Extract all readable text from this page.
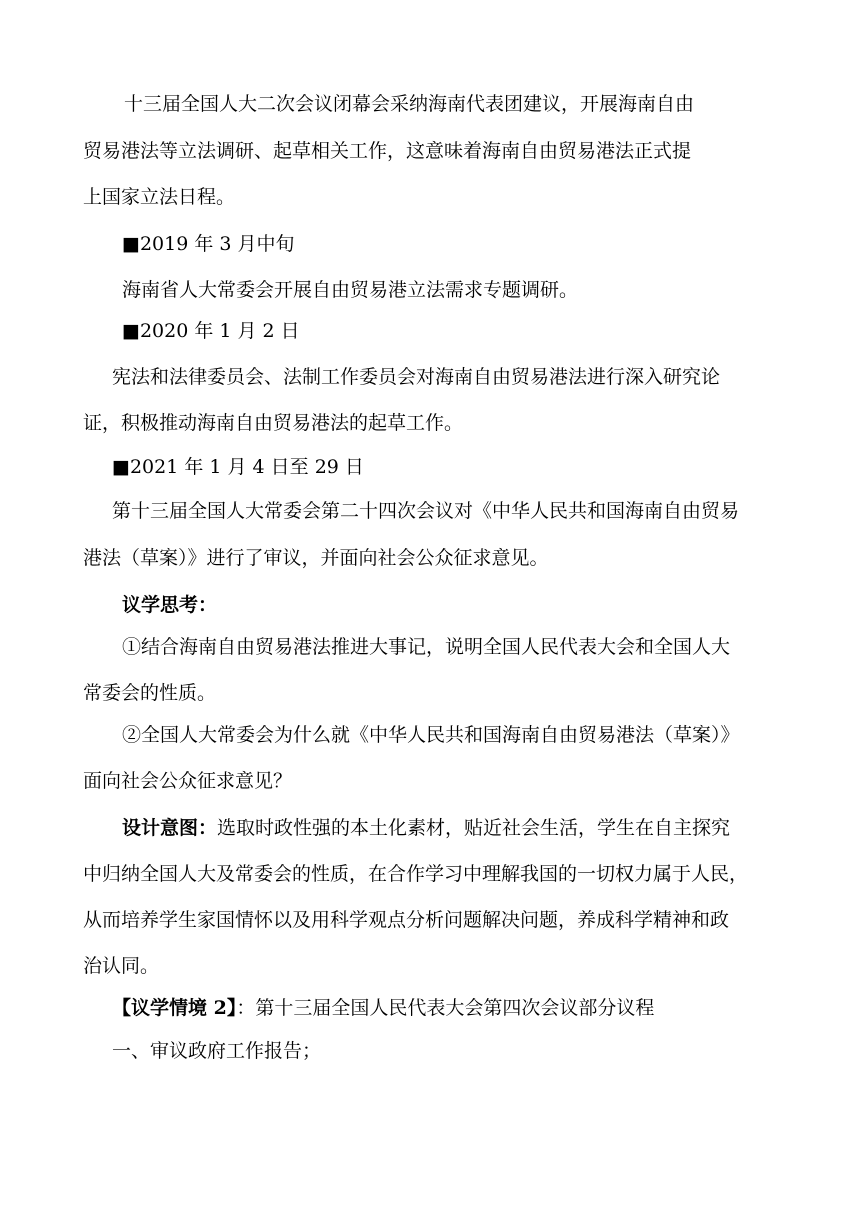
十三届全国人大二次会议闭幕会采纳海南代表团建议，开展海南自由
贸易港法等立法调研、起草相关工作，这意味着海南自由贸易港法正式提
上国家立法日程。
■2019 年 3 月中旬
海南省人大常委会开展自由贸易港立法需求专题调研。
■2020 年 1 月 2 日
宪法和法律委员会、法制工作委员会对海南自由贸易港法进行深入研究论
证，积极推动海南自由贸易港法的起草工作。
■2021 年 1 月 4 日至 29 日
第十三届全国人大常委会第二十四次会议对《中华人民共和国海南自由贸易
港法（草案）》进行了审议，并面向社会公众征求意见。
议学思考：
①结合海南自由贸易港法推进大事记，说明全国人民代表大会和全国人大
常委会的性质。
②全国人大常委会为什么就《中华人民共和国海南自由贸易港法（草案）》
面向社会公众征求意见？
设计意图：选取时政性强的本土化素材，贴近社会生活，学生在自主探究
中归纳全国人大及常委会的性质，在合作学习中理解我国的一切权力属于人民，
从而培养学生家国情怀以及用科学观点分析问题解决问题，养成科学精神和政
治认同。
【议学情境 2】：第十三届全国人民代表大会第四次会议部分议程
一、审议政府工作报告；
